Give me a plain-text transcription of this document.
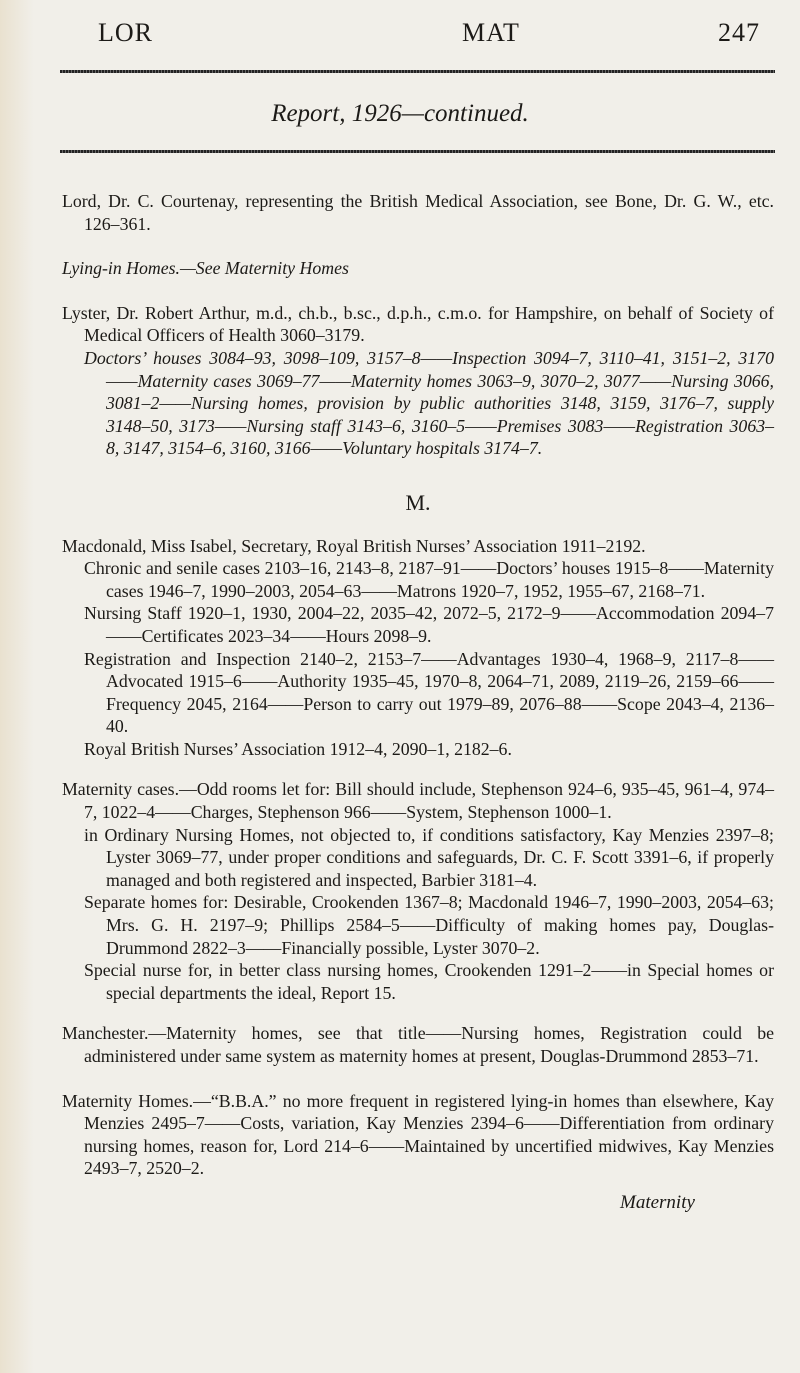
LOR	MAT	247
Report, 1926—continued.

Lord, Dr. C. Courtenay, representing the British Medical Association, see Bone, Dr. G. W., etc. 126–361.

Lying-in Homes.—See Maternity Homes

Lyster, Dr. Robert Arthur, m.d., ch.b., b.sc., d.p.h., c.m.o. for Hampshire, on behalf of Society of Medical Officers of Health 3060–3179.

Doctors’ houses 3084–93, 3098–109, 3157–8——Inspection 3094–7, 3110–41, 3151–2, 3170——Maternity cases 3069–77——Maternity homes 3063–9, 3070–2, 3077——Nursing 3066, 3081–2——Nursing homes, provision by public authorities 3148, 3159, 3176–7, supply 3148–50, 3173——Nursing staff 3143–6, 3160–5——Premises 3083——Registration 3063–8, 3147, 3154–6, 3160, 3166——Voluntary hospitals 3174–7.

M.

Macdonald, Miss Isabel, Secretary, Royal British Nurses’ Association 1911–2192.

Chronic and senile cases 2103–16, 2143–8, 2187–91——Doctors’ houses 1915–8——Maternity cases 1946–7, 1990–2003, 2054–63——Matrons 1920–7, 1952, 1955–67, 2168–71.

Nursing Staff 1920–1, 1930, 2004–22, 2035–42, 2072–5, 2172–9——Accommodation 2094–7——Certificates 2023–34——Hours 2098–9.

Registration and Inspection 2140–2, 2153–7——Advantages 1930–4, 1968–9, 2117–8——Advocated 1915–6——Authority 1935–45, 1970–8, 2064–71, 2089, 2119–26, 2159–66——Frequency 2045, 2164——Person to carry out 1979–89, 2076–88——Scope 2043–4, 2136–40.

Royal British Nurses’ Association 1912–4, 2090–1, 2182–6.

Maternity cases.—Odd rooms let for: Bill should include, Stephenson 924–6, 935–45, 961–4, 974–7, 1022–4——Charges, Stephenson 966——System, Stephenson 1000–1.

in Ordinary Nursing Homes, not objected to, if conditions satisfactory, Kay Menzies 2397–8; Lyster 3069–77, under proper conditions and safeguards, Dr. C. F. Scott 3391–6, if properly managed and both registered and inspected, Barbier 3181–4.

Separate homes for: Desirable, Crookenden 1367–8; Macdonald 1946–7, 1990–2003, 2054–63; Mrs. G. H. 2197–9; Phillips 2584–5——Difficulty of making homes pay, Douglas-Drummond 2822–3——Financially possible, Lyster 3070–2.

Special nurse for, in better class nursing homes, Crookenden 1291–2——in Special homes or special departments the ideal, Report 15.

Manchester.—Maternity homes, see that title——Nursing homes, Registration could be administered under same system as maternity homes at present, Douglas-Drummond 2853–71.

Maternity Homes.—“B.B.A.” no more frequent in registered lying-in homes than elsewhere, Kay Menzies 2495–7——Costs, variation, Kay Menzies 2394–6——Differentiation from ordinary nursing homes, reason for, Lord 214–6——Maintained by uncertified midwives, Kay Menzies 2493–7, 2520–2.

Maternity
